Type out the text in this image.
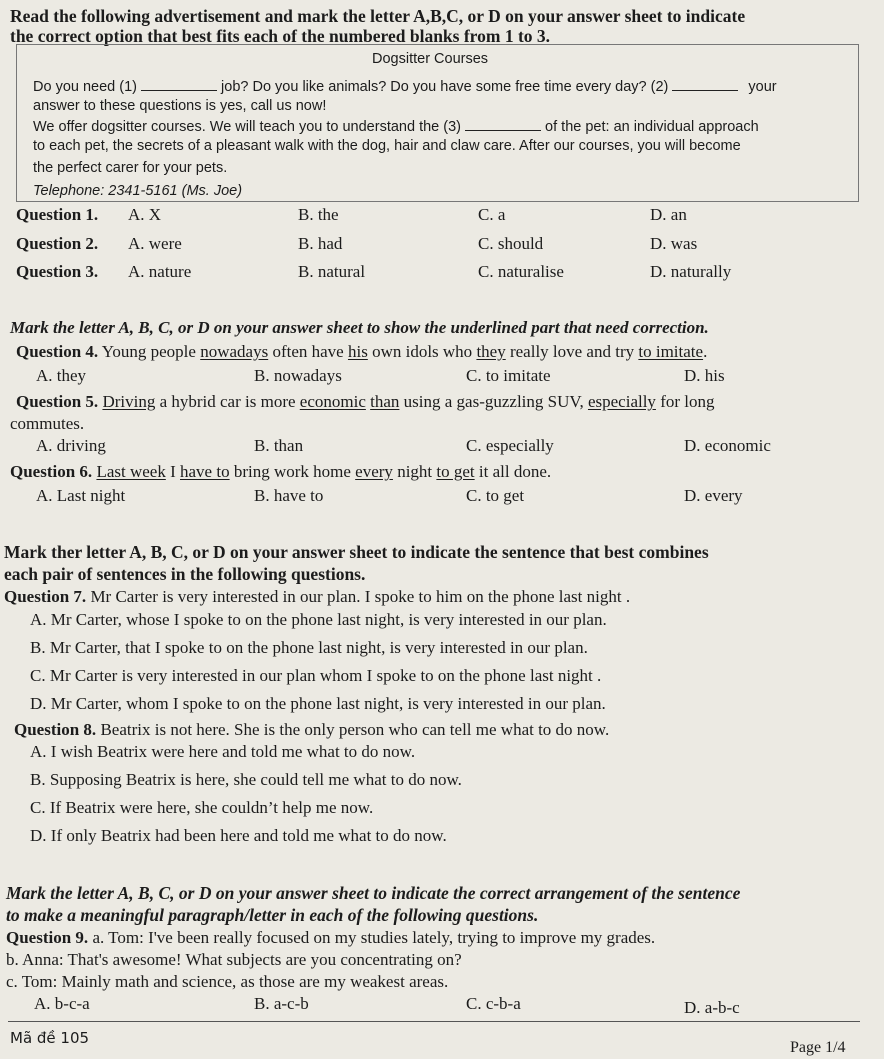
Read the following advertisement and mark the letter A,B,C, or D on your answer sheet to indicate
the correct option that best fits each of the numbered blanks from 1 to 3.
Dogsitter Courses
Do you need (1)	job? Do you like animals? Do you have some free time every day? (2)	your
answer to these questions is yes, call us now!
We offer dogsitter courses. We will teach you to understand the (3)	of the pet: an individual approach
to each pet, the secrets of a pleasant walk with the dog, hair and claw care. After our courses, you will become
the perfect carer for your pets.
Telephone: 2341-5161 (Ms. Joe)
Question 1. A. X	B. the	C. a	D. an
Question 2. A. were	B. had	C. should	D. was
Question 3. A. nature	B. natural	C. naturalise	D. naturally
Mark the letter A, B, C, or D on your answer sheet to show the underlined part that need correction.
Question 4. Young people nowadays often have his own idols who they really love and try to imitate.
A. they	B. nowadays	C. to imitate	D. his
Question 5. Driving a hybrid car is more economic than using a gas-guzzling SUV, especially for long
commutes.
A. driving	B. than	C. especially	D. economic
Question 6. Last week I have to bring work home every night to get it all done.
A. Last night	B. have to	C. to get	D. every
Mark ther letter A, B, C, or D on your answer sheet to indicate the sentence that best combines
each pair of sentences in the following questions.
Question 7. Mr Carter is very interested in our plan. I spoke to him on the phone last night .
A. Mr Carter, whose I spoke to on the phone last night, is very interested in our plan.
B. Mr Carter, that I spoke to on the phone last night, is very interested in our plan.
C. Mr Carter is very interested in our plan whom I spoke to on the phone last night .
D. Mr Carter, whom I spoke to on the phone last night, is very interested in our plan.
Question 8. Beatrix is not here. She is the only person who can tell me what to do now.
A. I wish Beatrix were here and told me what to do now.
B. Supposing Beatrix is here, she could tell me what to do now.
C. If Beatrix were here, she couldn’t help me now.
D. If only Beatrix had been here and told me what to do now.
Mark the letter A, B, C, or D on your answer sheet to indicate the correct arrangement of the sentence
to make a meaningful paragraph/letter in each of the following questions.
Question 9. a. Tom: I've been really focused on my studies lately, trying to improve my grades.
b. Anna: That's awesome! What subjects are you concentrating on?
c. Tom: Mainly math and science, as those are my weakest areas.
A. b-c-a	B. a-c-b	C. c-b-a	D. a-b-c
Mã đề 105
Page 1/4
